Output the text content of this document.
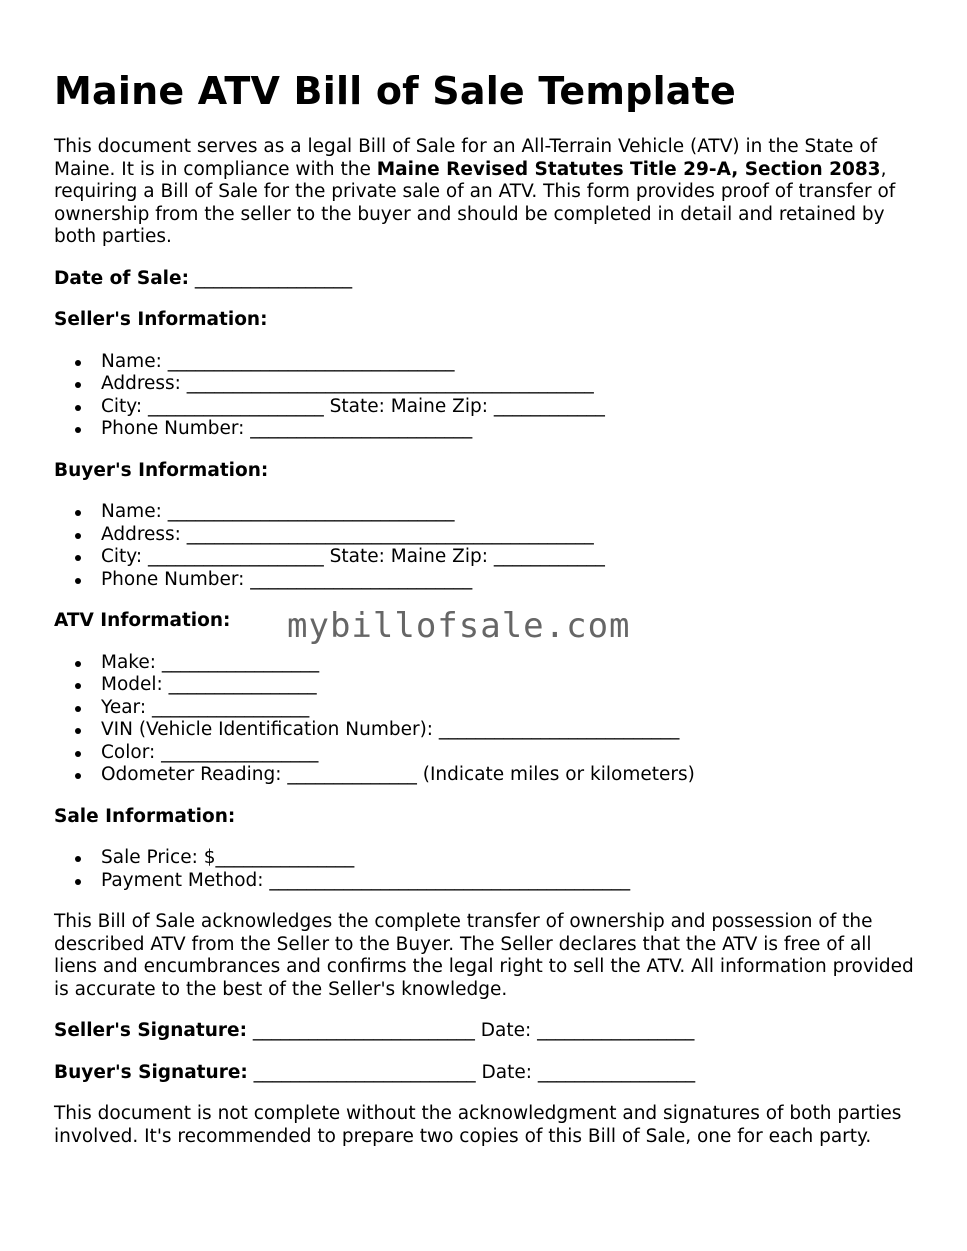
Maine ATV Bill of Sale Template

This document serves as a legal Bill of Sale for an All-Terrain Vehicle (ATV) in the State of Maine. It is in compliance with the Maine Revised Statutes Title 29-A, Section 2083, requiring a Bill of Sale for the private sale of an ATV. This form provides proof of transfer of ownership from the seller to the buyer and should be completed in detail and retained by both parties.

Date of Sale: _________________

Seller's Information:

Name: _______________________________
Address: ____________________________________________
City: ___________________ State: Maine Zip: ____________
Phone Number: ________________________

Buyer's Information:

Name: _______________________________
Address: ____________________________________________
City: ___________________ State: Maine Zip: ____________
Phone Number: ________________________

ATV Information:

Make: _________________
Model: ________________
Year: _________________
VIN (Vehicle Identification Number): __________________________
Color: _________________
Odometer Reading: ______________ (Indicate miles or kilometers)

Sale Information:

Sale Price: $_______________
Payment Method: _______________________________________

This Bill of Sale acknowledges the complete transfer of ownership and possession of the described ATV from the Seller to the Buyer. The Seller declares that the ATV is free of all liens and encumbrances and confirms the legal right to sell the ATV. All information provided is accurate to the best of the Seller's knowledge.

Seller's Signature: ________________________ Date: _________________

Buyer's Signature: ________________________ Date: _________________

This document is not complete without the acknowledgment and signatures of both parties involved. It's recommended to prepare two copies of this Bill of Sale, one for each party.

mybillofsale.com
